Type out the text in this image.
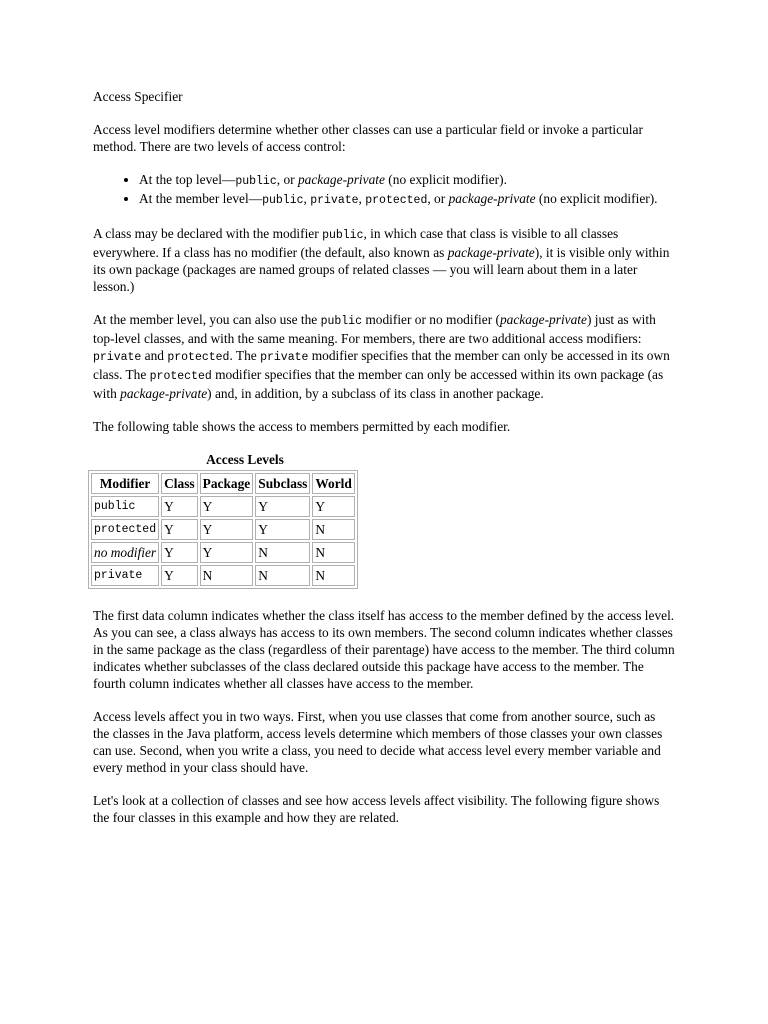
Access Specifier

Access level modifiers determine whether other classes can use a particular field or invoke a particular method. There are two levels of access control:

• At the top level—public, or package-private (no explicit modifier).
• At the member level—public, private, protected, or package-private (no explicit modifier).

A class may be declared with the modifier public, in which case that class is visible to all classes everywhere. If a class has no modifier (the default, also known as package-private), it is visible only within its own package (packages are named groups of related classes — you will learn about them in a later lesson.)

At the member level, you can also use the public modifier or no modifier (package-private) just as with top-level classes, and with the same meaning. For members, there are two additional access modifiers: private and protected. The private modifier specifies that the member can only be accessed in its own class. The protected modifier specifies that the member can only be accessed within its own package (as with package-private) and, in addition, by a subclass of its class in another package.

The following table shows the access to members permitted by each modifier.

Access Levels
Modifier	Class	Package	Subclass	World
public	Y	Y	Y	Y
protected	Y	Y	Y	N
no modifier	Y	Y	N	N
private	Y	N	N	N

The first data column indicates whether the class itself has access to the member defined by the access level. As you can see, a class always has access to its own members. The second column indicates whether classes in the same package as the class (regardless of their parentage) have access to the member. The third column indicates whether subclasses of the class declared outside this package have access to the member. The fourth column indicates whether all classes have access to the member.

Access levels affect you in two ways. First, when you use classes that come from another source, such as the classes in the Java platform, access levels determine which members of those classes your own classes can use. Second, when you write a class, you need to decide what access level every member variable and every method in your class should have.

Let's look at a collection of classes and see how access levels affect visibility. The following figure shows the four classes in this example and how they are related.
